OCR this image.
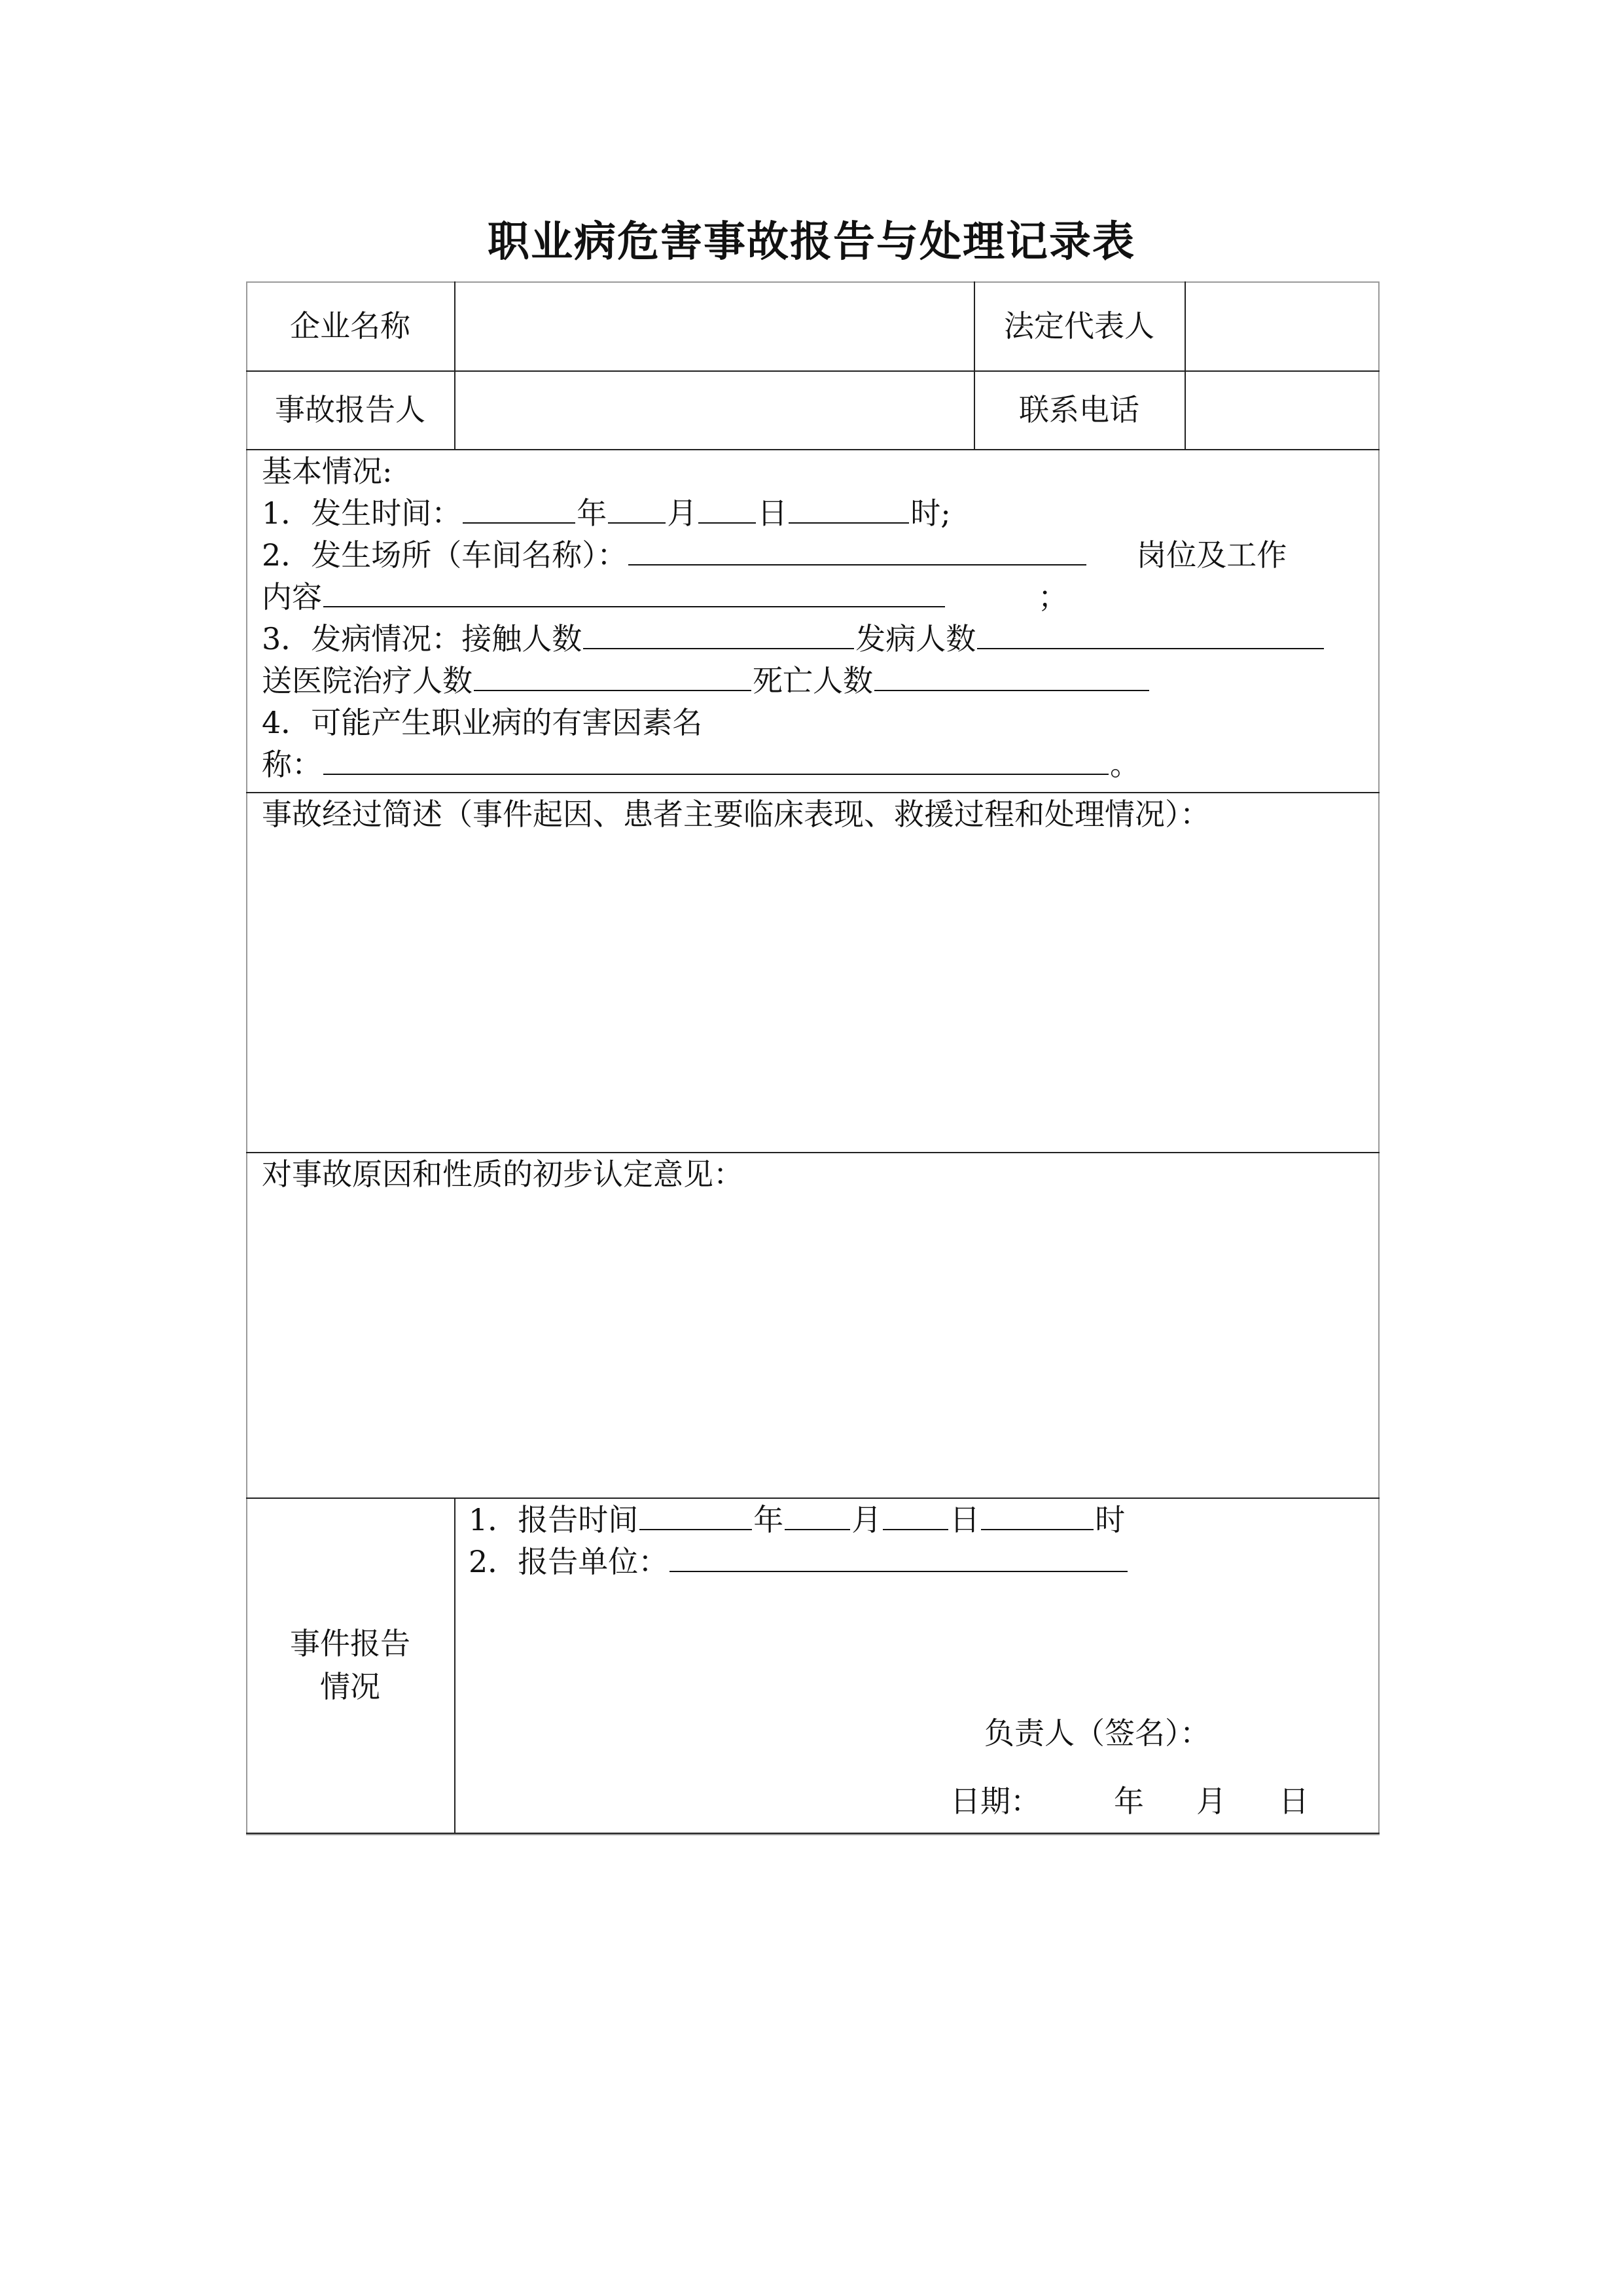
职业病危害事故报告与处理记录表
企业名称	法定代表人
事故报告人	联系电话
基本情况:
1．发生时间：	年 月 日	时;
2．发生场所（车间名称）：	岗位及工作
内容	；
3．发病情况：接触人数	发病人数
送医院治疗人数	死亡人数
4．可能产生职业病的有害因素名
称：	。
事故经过简述（事件起因、患者主要临床表现、救援过程和处理情况）：
对事故原因和性质的初步认定意见：
事件报告
情况
1．报告时间	年 月 日	时
2．报告单位：
负责人（签名）：
日期： 年 月 日
